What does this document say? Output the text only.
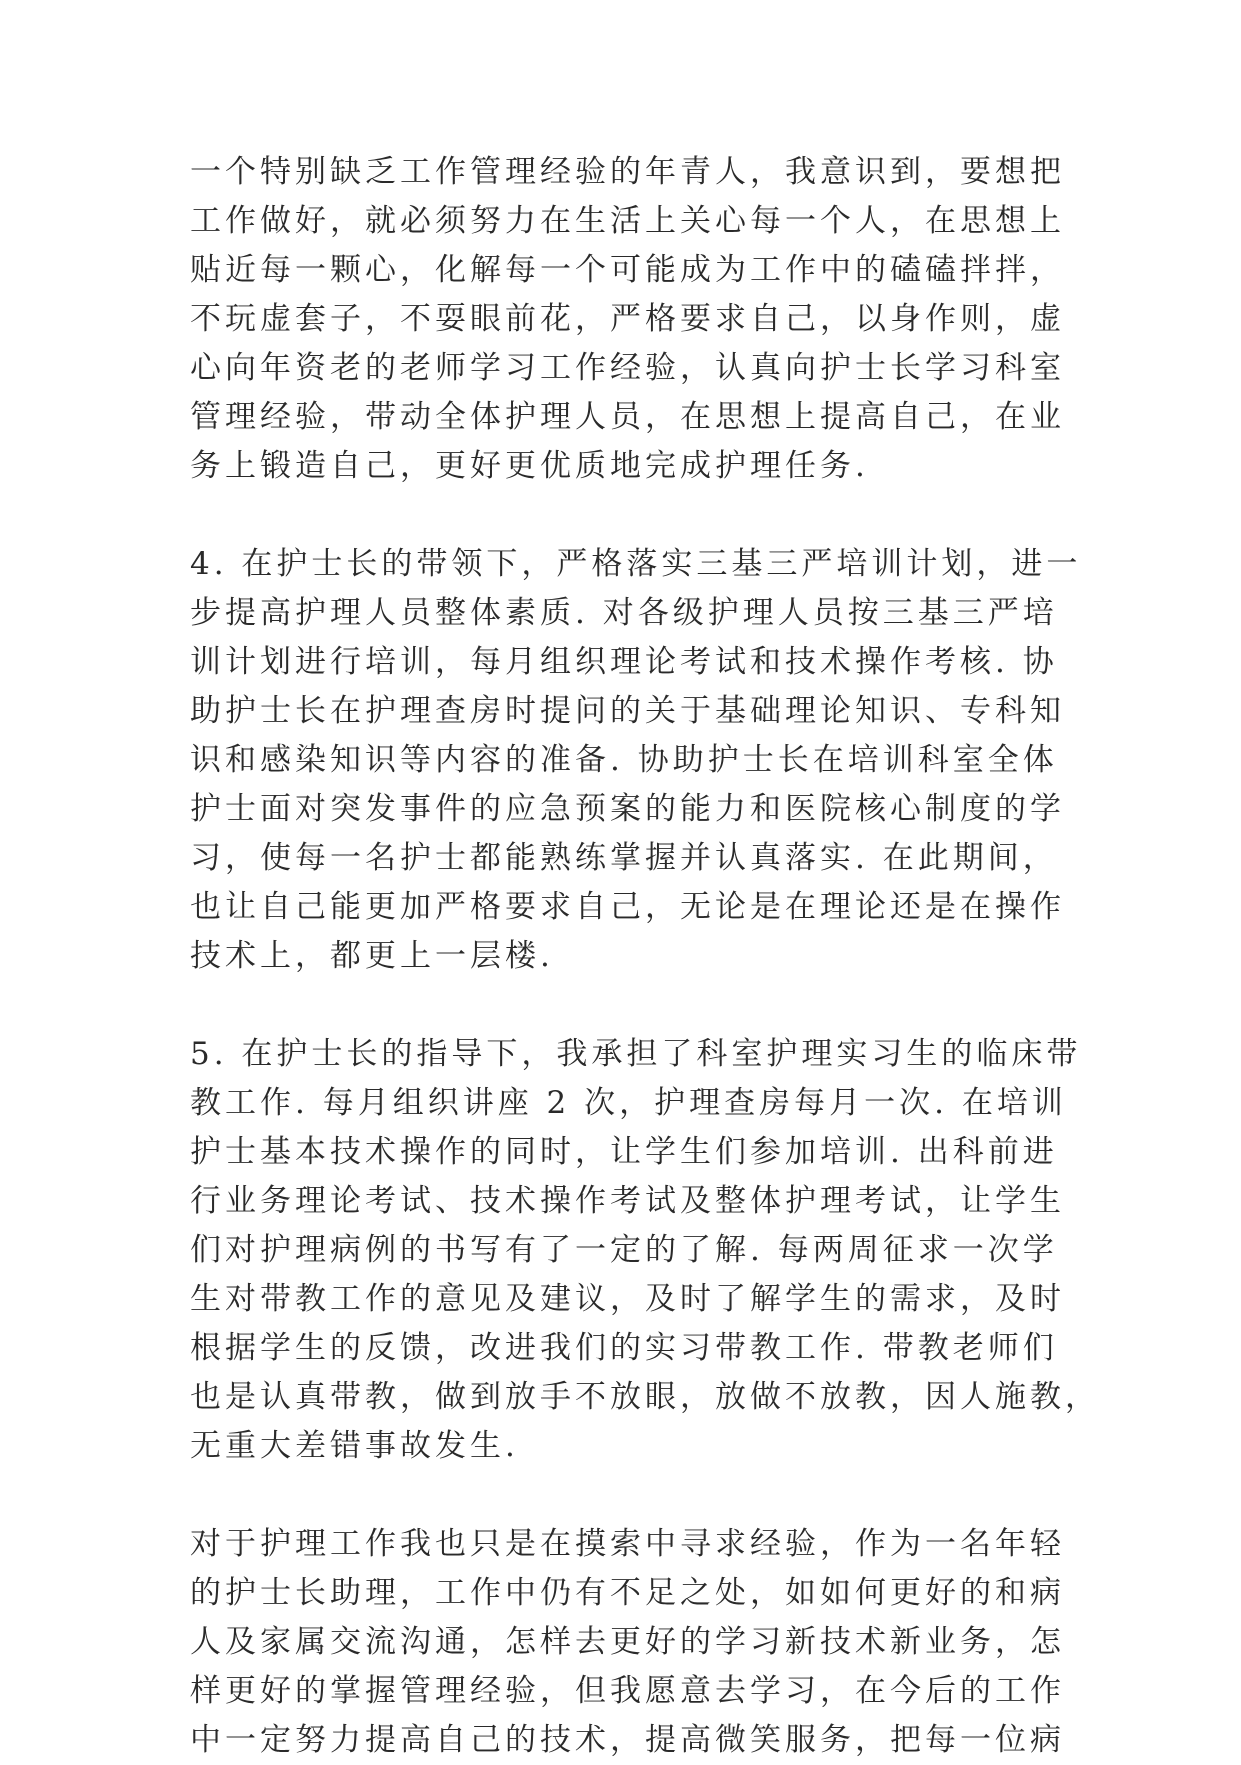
一个特别缺乏工作管理经验的年青人，我意识到，要想把
工作做好，就必须努力在生活上关心每一个人，在思想上
贴近每一颗心，化解每一个可能成为工作中的磕磕拌拌，
不玩虚套子，不耍眼前花，严格要求自己，以身作则，虚
心向年资老的老师学习工作经验，认真向护士长学习科室
管理经验，带动全体护理人员，在思想上提高自己，在业
务上锻造自己，更好更优质地完成护理任务.
4. 在护士长的带领下，严格落实三基三严培训计划，进一
步提高护理人员整体素质. 对各级护理人员按三基三严培
训计划进行培训，每月组织理论考试和技术操作考核. 协
助护士长在护理查房时提问的关于基础理论知识、专科知
识和感染知识等内容的准备. 协助护士长在培训科室全体
护士面对突发事件的应急预案的能力和医院核心制度的学
习，使每一名护士都能熟练掌握并认真落实. 在此期间，
也让自己能更加严格要求自己，无论是在理论还是在操作
技术上，都更上一层楼.
5. 在护士长的指导下，我承担了科室护理实习生的临床带
教工作. 每月组织讲座 2 次，护理查房每月一次. 在培训
护士基本技术操作的同时，让学生们参加培训. 出科前进
行业务理论考试、技术操作考试及整体护理考试，让学生
们对护理病例的书写有了一定的了解. 每两周征求一次学
生对带教工作的意见及建议，及时了解学生的需求，及时
根据学生的反馈，改进我们的实习带教工作. 带教老师们
也是认真带教，做到放手不放眼，放做不放教，因人施教，
无重大差错事故发生.
对于护理工作我也只是在摸索中寻求经验，作为一名年轻
的护士长助理，工作中仍有不足之处，如如何更好的和病
人及家属交流沟通，怎样去更好的学习新技术新业务，怎
样更好的掌握管理经验，但我愿意去学习，在今后的工作
中一定努力提高自己的技术，提高微笑服务，把每一位病
